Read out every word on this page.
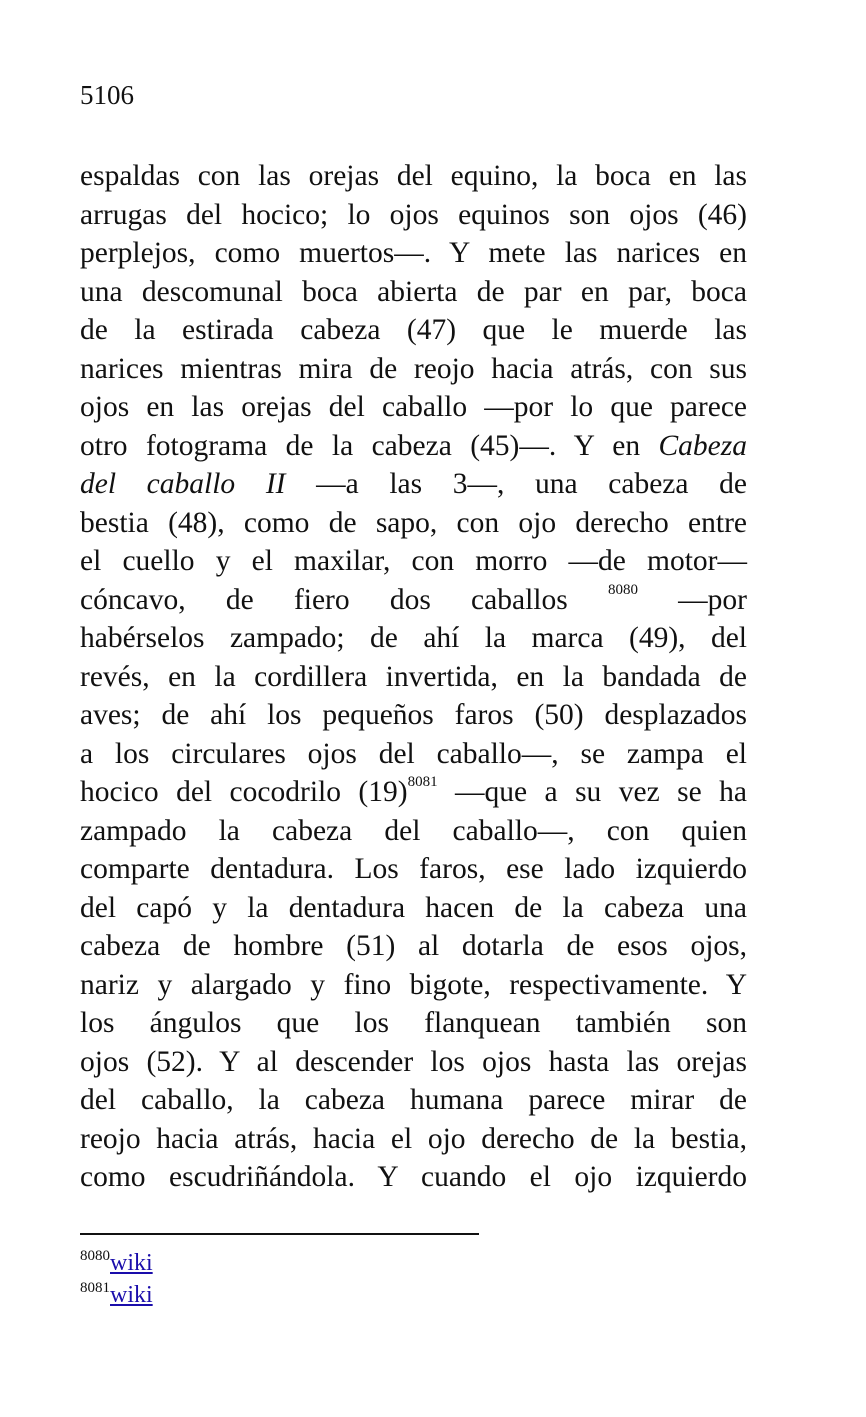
5106
espaldas con las orejas del equino, la boca en las
arrugas del hocico; lo ojos equinos son ojos (46)
perplejos, como muertos―. Y mete las narices en
una descomunal boca abierta de par en par, boca
de la estirada cabeza (47) que le muerde las
narices mientras mira de reojo hacia atrás, con sus
ojos en las orejas del caballo ―por lo que parece
otro fotograma de la cabeza (45)―. Y en Cabeza
del caballo II ―a las 3―, una cabeza de
bestia (48), como de sapo, con ojo derecho entre
el cuello y el maxilar, con morro ―de motor―
cóncavo, de fiero dos caballos $^{8080}$ ―por
habérselos zampado; de ahí la marca (49), del
revés, en la cordillera invertida, en la bandada de
aves; de ahí los pequeños faros (50) desplazados
a los circulares ojos del caballo―, se zampa el
hocico del cocodrilo (19)$^{8081}$ ―que a su vez se ha
zampado la cabeza del caballo―, con quien
comparte dentadura. Los faros, ese lado izquierdo
del capó y la dentadura hacen de la cabeza una
cabeza de hombre (51) al dotarla de esos ojos,
nariz y alargado y fino bigote, respectivamente. Y
los ángulos que los flanquean también son
ojos (52). Y al descender los ojos hasta las orejas
del caballo, la cabeza humana parece mirar de
reojo hacia atrás, hacia el ojo derecho de la bestia,
como escudriñándola. Y cuando el ojo izquierdo
$^{8080}$wiki
$^{8081}$wiki
